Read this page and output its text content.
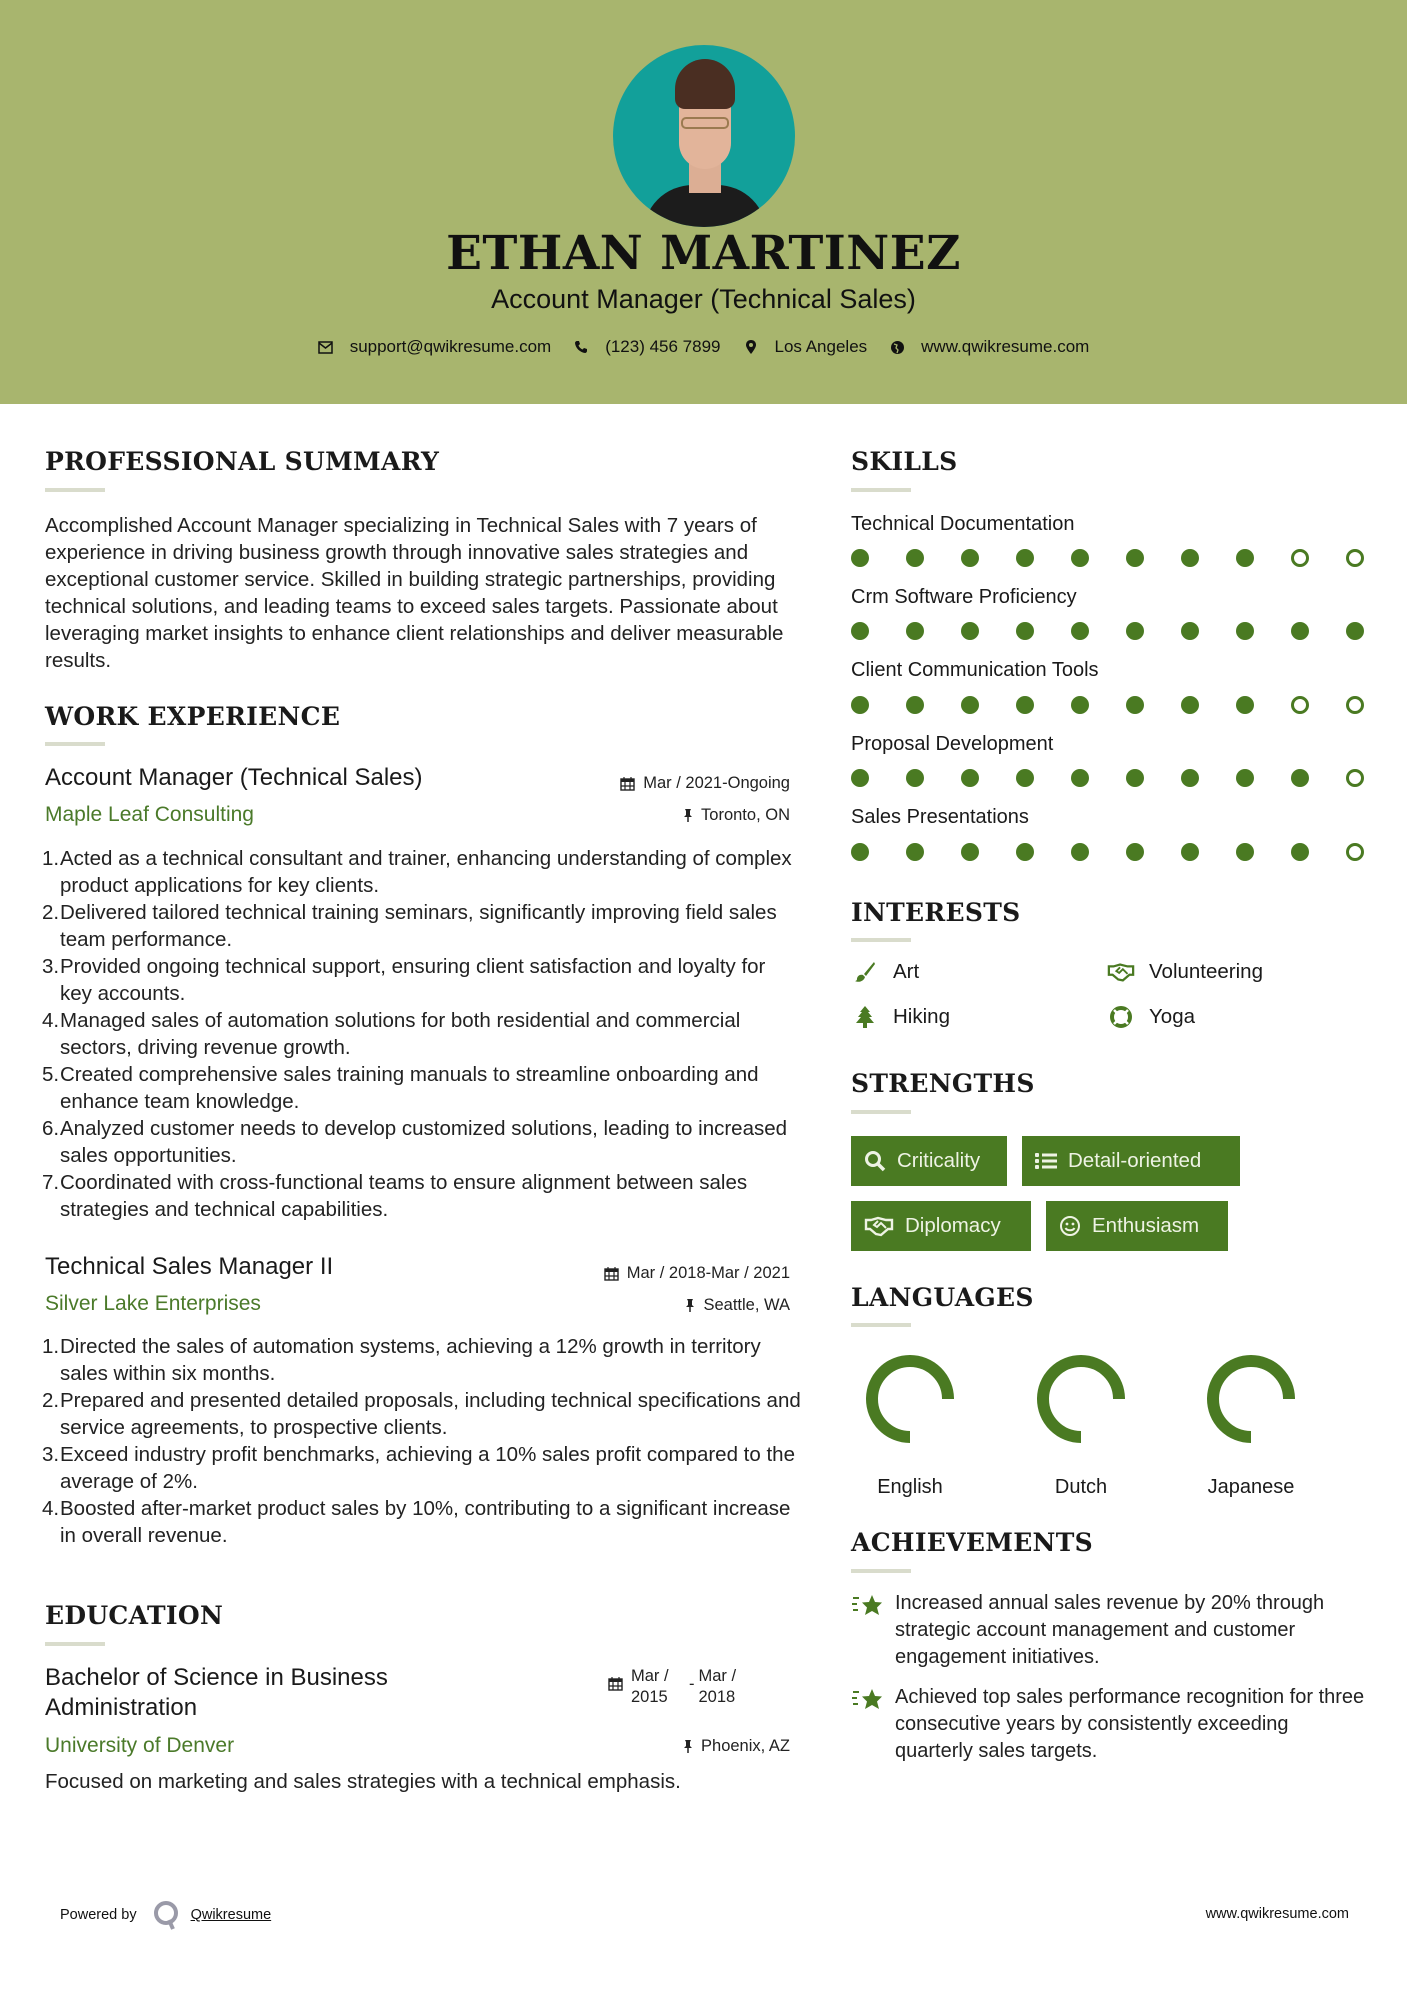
ETHAN MARTINEZ
Account Manager (Technical Sales)
support@qwikresume.com	(123) 456 7899	Los Angeles	www.qwikresume.com
PROFESSIONAL SUMMARY
Accomplished Account Manager specializing in Technical Sales with 7 years of experience in driving business growth through innovative sales strategies and exceptional customer service. Skilled in building strategic partnerships, providing technical solutions, and leading teams to exceed sales targets. Passionate about leveraging market insights to enhance client relationships and deliver measurable results.
WORK EXPERIENCE
Account Manager (Technical Sales)	Mar / 2021-Ongoing
Maple Leaf Consulting	Toronto, ON
1. Acted as a technical consultant and trainer, enhancing understanding of complex product applications for key clients.
2. Delivered tailored technical training seminars, significantly improving field sales team performance.
3. Provided ongoing technical support, ensuring client satisfaction and loyalty for key accounts.
4. Managed sales of automation solutions for both residential and commercial sectors, driving revenue growth.
5. Created comprehensive sales training manuals to streamline onboarding and enhance team knowledge.
6. Analyzed customer needs to develop customized solutions, leading to increased sales opportunities.
7. Coordinated with cross-functional teams to ensure alignment between sales strategies and technical capabilities.
Technical Sales Manager II	Mar / 2018-Mar / 2021
Silver Lake Enterprises	Seattle, WA
1. Directed the sales of automation systems, achieving a 12% growth in territory sales within six months.
2. Prepared and presented detailed proposals, including technical specifications and service agreements, to prospective clients.
3. Exceed industry profit benchmarks, achieving a 10% sales profit compared to the average of 2%.
4. Boosted after-market product sales by 10%, contributing to a significant increase in overall revenue.
EDUCATION
Bachelor of Science in Business Administration
Mar / 2015
- Mar / 2018
University of Denver	Phoenix, AZ
Focused on marketing and sales strategies with a technical emphasis.
SKILLS
Technical Documentation
Crm Software Proficiency
Client Communication Tools
Proposal Development
Sales Presentations
INTERESTS
Art	Volunteering
Hiking	Yoga
STRENGTHS
Criticality	Detail-oriented
Diplomacy	Enthusiasm
LANGUAGES
English	Dutch	Japanese
ACHIEVEMENTS
Increased annual sales revenue by 20% through strategic account management and customer engagement initiatives.
Achieved top sales performance recognition for three consecutive years by consistently exceeding quarterly sales targets.
Powered by	Qwikresume	www.qwikresume.com
